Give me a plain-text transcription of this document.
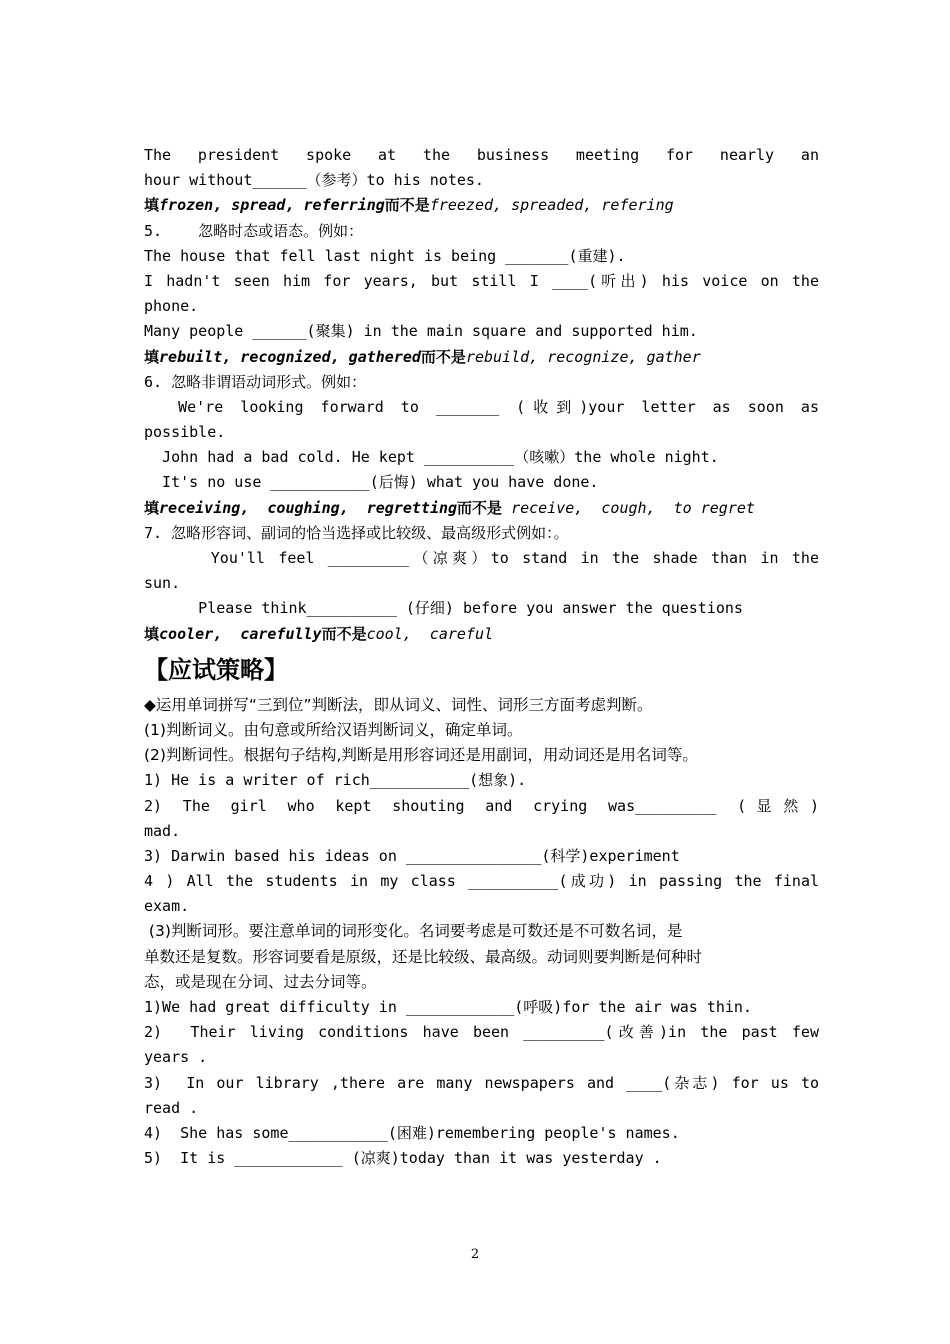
The president spoke at the business meeting for nearly an
hour without______（参考）to his notes.
填frozen, spread, referring而不是freezed, spreaded, refering
5.    忽略时态或语态。例如：
The house that fell last night is being _______(重建).
I hadn't seen him for years, but still I ____(听出) his voice on the
phone.
Many people ______(聚集) in the main square and supported him.
填rebuilt, recognized, gathered而不是rebuild, recognize, gather
6. 忽略非谓语动词形式。例如：
We're looking forward to _______ (收到)your letter as soon as
possible.
John had a bad cold. He kept __________（咳嗽）the whole night.
It's no use ___________(后悔) what you have done.
填receiving,  coughing,  regretting而不是 receive,  cough,  to regret
7. 忽略形容词、副词的恰当选择或比较级、最高级形式例如：。
You'll feel _________（凉爽）to stand in the shade than in the
sun.
Please think__________ (仔细) before you answer the questions
填cooler,  carefully而不是cool,  careful
【应试策略】
◆运用单词拼写“三到位”判断法，即从词义、词性、词形三方面考虑判断。
(1)判断词义。由句意或所给汉语判断词义，确定单词。
(2)判断词性。根据句子结构,判断是用形容词还是用副词，用动词还是用名词等。
1) He is a writer of rich___________(想象).
2)  The  girl  who  kept  shouting  and  crying  was_________  ( 显 然 )
mad.
3) Darwin based his ideas on _______________(科学)experiment
4 ) All the students in my class __________(成功) in passing the final
exam.
(3)判断词形。要注意单词的词形变化。名词要考虑是可数还是不可数名词，是
单数还是复数。形容词要看是原级，还是比较级、最高级。动词则要判断是何种时
态，或是现在分词、过去分词等。
1)We had great difficulty in ____________(呼吸)for the air was thin.
2)  Their living conditions have been _________(改善)in the past few
years .
3)  In our library ,there are many newspapers and ____(杂志) for us to
read .
4)  She has some___________(困难)remembering people's names.
5)  It is ____________ (凉爽)today than it was yesterday .
2
